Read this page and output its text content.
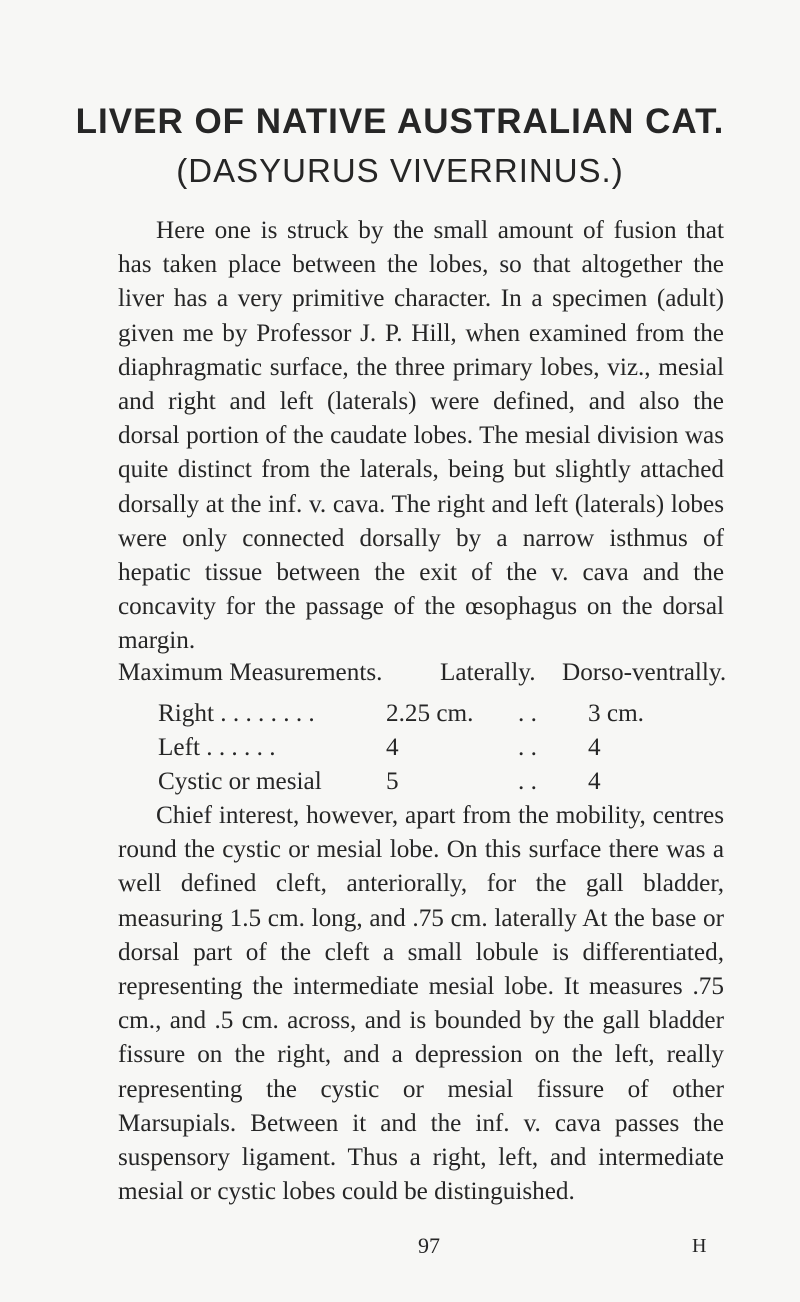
LIVER OF NATIVE AUSTRALIAN CAT.
(DASYURUS VIVERRINUS.)

Here one is struck by the small amount of fusion that has taken place between the lobes, so that altogether the liver has a very primitive character. In a specimen (adult) given me by Professor J. P. Hill, when examined from the diaphragmatic surface, the three primary lobes, viz., mesial and right and left (laterals) were defined, and also the dorsal portion of the caudate lobes. The mesial division was quite distinct from the laterals, being but slightly attached dorsally at the inf. v. cava. The right and left (laterals) lobes were only connected dorsally by a narrow isthmus of hepatic tissue between the exit of the v. cava and the concavity for the passage of the œsophagus on the dorsal margin.

Maximum Measurements. Laterally. Dorso-ventrally.
Right . . . . . . . .	2.25 cm.	. .	3 cm.
Left . . . . . .	4	. .	4
Cystic or mesial	5	. .	4

Chief interest, however, apart from the mobility, centres round the cystic or mesial lobe. On this surface there was a well defined cleft, anteriorally, for the gall bladder, measuring 1.5 cm. long, and .75 cm. laterally At the base or dorsal part of the cleft a small lobule is differentiated, representing the intermediate mesial lobe. It measures .75 cm., and .5 cm. across, and is bounded by the gall bladder fissure on the right, and a depression on the left, really representing the cystic or mesial fissure of other Marsupials. Between it and the inf. v. cava passes the suspensory ligament. Thus a right, left, and intermediate mesial or cystic lobes could be distinguished.

97	H
